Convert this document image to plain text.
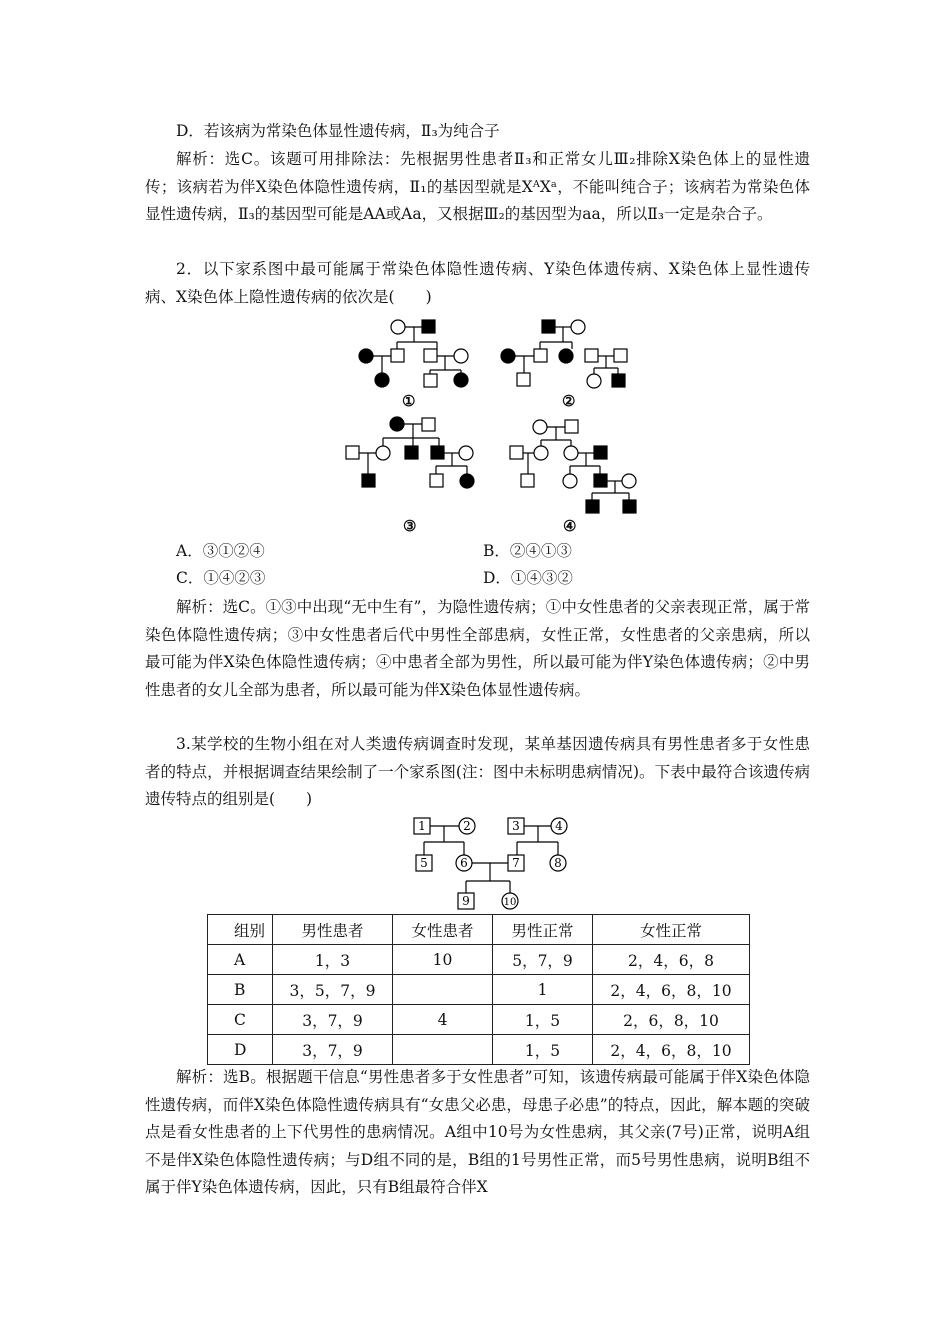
D．若该病为常染色体显性遗传病，Ⅱ₃为纯合子

解析：选C。该题可用排除法：先根据男性患者Ⅱ₃和正常女儿Ⅲ₂排除X染色体上的显性遗传；该病若为伴X染色体隐性遗传病，Ⅱ₁的基因型就是XᴬXᵃ，不能叫纯合子；该病若为常染色体显性遗传病，Ⅱ₃的基因型可能是AA或Aa，又根据Ⅲ₂的基因型为aa，所以Ⅱ₃一定是杂合子。

2．以下家系图中最可能属于常染色体隐性遗传病、Y染色体遗传病、X染色体上显性遗传病、X染色体上隐性遗传病的依次是(　　)

①	②
③	④
A．③①②④	B．②④①③
C．①④②③	D．①④③②

解析：选C。①③中出现“无中生有”，为隐性遗传病；①中女性患者的父亲表现正常，属于常染色体隐性遗传病；③中女性患者后代中男性全部患病，女性正常，女性患者的父亲患病，所以最可能为伴X染色体隐性遗传病；④中患者全部为男性，所以最可能为伴Y染色体遗传病；②中男性患者的女儿全部为患者，所以最可能为伴X染色体显性遗传病。

3.某学校的生物小组在对人类遗传病调查时发现，某单基因遗传病具有男性患者多于女性患者的特点，并根据调查结果绘制了一个家系图(注：图中未标明患病情况)。下表中最符合该遗传病遗传特点的组别是(　　)

1	2	3	4
5	6	7	8
9	10
组别	男性患者	女性患者	男性正常	女性正常
A	1，3	10	5，7，9	2，4，6，8
B	3，5，7，9		1	2，4，6，8，10
C	3，7，9	4	1，5	2，6，8，10
D	3，7，9		1，5	2，4，6，8，10

解析：选B。根据题干信息“男性患者多于女性患者”可知，该遗传病最可能属于伴X染色体隐性遗传病，而伴X染色体隐性遗传病具有“女患父必患，母患子必患”的特点，因此，解本题的突破点是看女性患者的上下代男性的患病情况。A组中10号为女性患病，其父亲(7号)正常，说明A组不是伴X染色体隐性遗传病；与D组不同的是，B组的1号男性正常，而5号男性患病，说明B组不属于伴Y染色体遗传病，因此，只有B组最符合伴X
